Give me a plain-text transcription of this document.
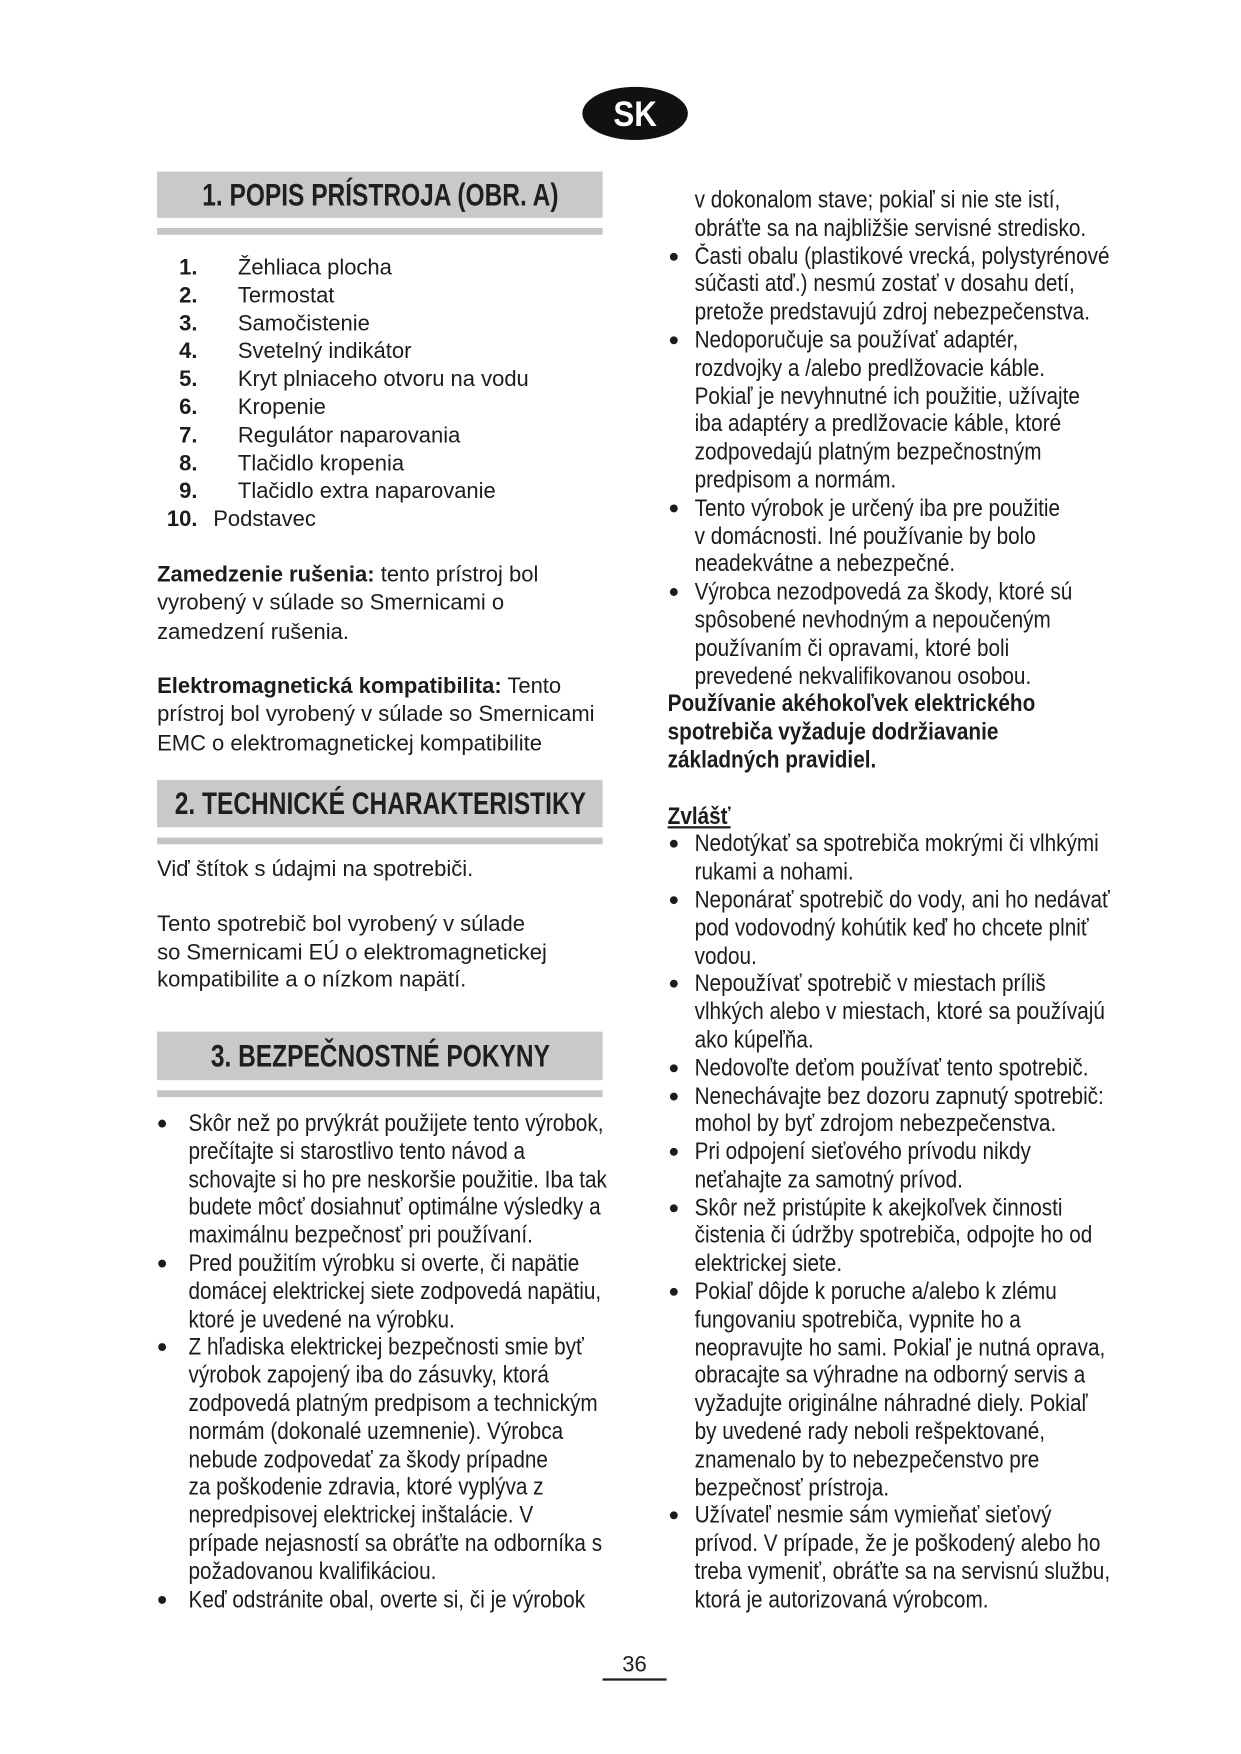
SK
1. POPIS PRÍSTROJA (OBR. A)
1. Žehliaca plocha
2. Termostat
3. Samočistenie
4. Svetelný indikátor
5. Kryt plniaceho otvoru na vodu
6. Kropenie
7. Regulátor naparovania
8. Tlačidlo kropenia
9. Tlačidlo extra naparovanie
10. Podstavec
Zamedzenie rušenia: tento prístroj bol
vyrobený v súlade so Smernicami o
zamedzení rušenia.
Elektromagnetická kompatibilita: Tento
prístroj bol vyrobený v súlade so Smernicami
EMC o elektromagnetickej kompatibilite
2. TECHNICKÉ CHARAKTERISTIKY
Viď štítok s údajmi na spotrebiči.
Tento spotrebič bol vyrobený v súlade
so Smernicami EÚ o elektromagnetickej
kompatibilite a o nízkom napätí.
3. BEZPEČNOSTNÉ POKYNY
Skôr než po prvýkrát použijete tento výrobok,
prečítajte si starostlivo tento návod a
schovajte si ho pre neskoršie použitie. Iba tak
budete môcť dosiahnuť optimálne výsledky a
maximálnu bezpečnosť pri používaní.
Pred použitím výrobku si overte, či napätie
domácej elektrickej siete zodpovedá napätiu,
ktoré je uvedené na výrobku.
Z hľadiska elektrickej bezpečnosti smie byť
výrobok zapojený iba do zásuvky, ktorá
zodpovedá platným predpisom a technickým
normám (dokonalé uzemnenie). Výrobca
nebude zodpovedať za škody prípadne
za poškodenie zdravia, ktoré vyplýva z
nepredpisovej elektrickej inštalácie. V
prípade nejasností sa obráťte na odborníka s
požadovanou kvalifikáciou.
Keď odstránite obal, overte si, či je výrobok
v dokonalom stave; pokiaľ si nie ste istí,
obráťte sa na najbližšie servisné stredisko.
Časti obalu (plastikové vrecká, polystyrénové
súčasti atď.) nesmú zostať v dosahu detí,
pretože predstavujú zdroj nebezpečenstva.
Nedoporučuje sa používať adaptér,
rozdvojky a /alebo predlžovacie káble.
Pokiaľ je nevyhnutné ich použitie, užívajte
iba adaptéry a predlžovacie káble, ktoré
zodpovedajú platným bezpečnostným
predpisom a normám.
Tento výrobok je určený iba pre použitie
v domácnosti. Iné používanie by bolo
neadekvátne a nebezpečné.
Výrobca nezodpovedá za škody, ktoré sú
spôsobené nevhodným a nepoučeným
používaním či opravami, ktoré boli
prevedené nekvalifikovanou osobou.
Používanie akéhokoľvek elektrického
spotrebiča vyžaduje dodržiavanie
základných pravidiel.
Zvlášť
Nedotýkať sa spotrebiča mokrými či vlhkými
rukami a nohami.
Neponárať spotrebič do vody, ani ho nedávať
pod vodovodný kohútik keď ho chcete plniť
vodou.
Nepoužívať spotrebič v miestach príliš
vlhkých alebo v miestach, ktoré sa používajú
ako kúpeľňa.
Nedovoľte deťom používať tento spotrebič.
Nenechávajte bez dozoru zapnutý spotrebič:
mohol by byť zdrojom nebezpečenstva.
Pri odpojení sieťového prívodu nikdy
neťahajte za samotný prívod.
Skôr než pristúpite k akejkoľvek činnosti
čistenia či údržby spotrebiča, odpojte ho od
elektrickej siete.
Pokiaľ dôjde k poruche a/alebo k zlému
fungovaniu spotrebiča, vypnite ho a
neopravujte ho sami. Pokiaľ je nutná oprava,
obracajte sa výhradne na odborný servis a
vyžadujte originálne náhradné diely. Pokiaľ
by uvedené rady neboli rešpektované,
znamenalo by to nebezpečenstvo pre
bezpečnosť prístroja.
Užívateľ nesmie sám vymieňať sieťový
prívod. V prípade, že je poškodený alebo ho
treba vymeniť, obráťte sa na servisnú službu,
ktorá je autorizovaná výrobcom.
36
